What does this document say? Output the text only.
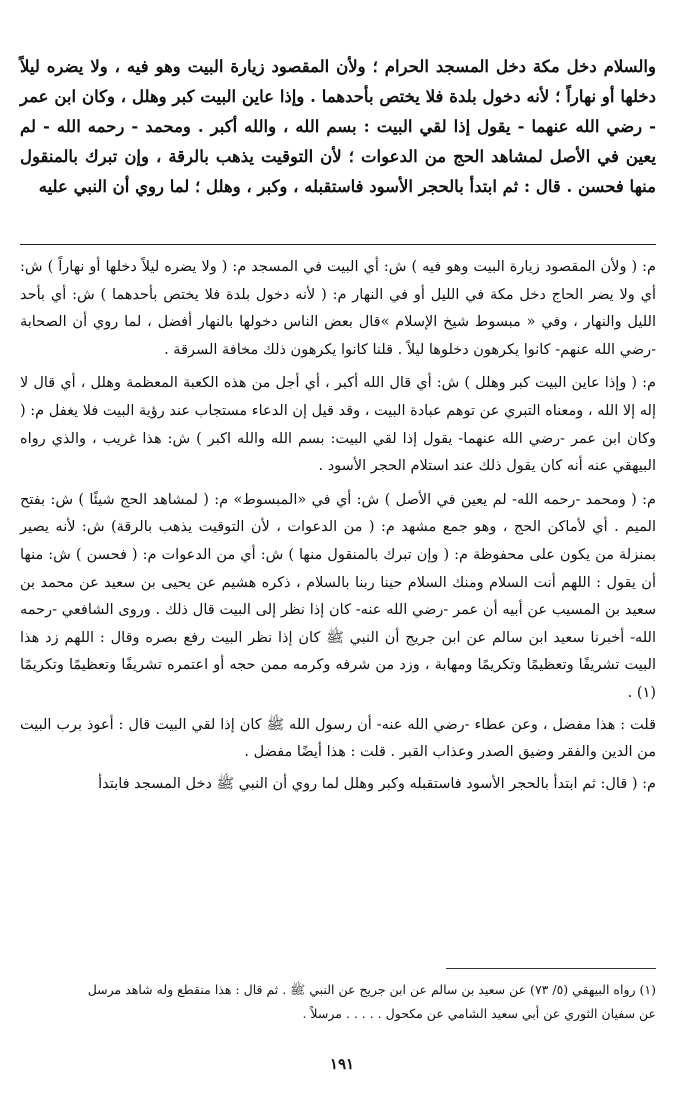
والسلام دخل مكة دخل المسجد الحرام ؛ ولأن المقصود زيارة البيت وهو فيه ، ولا يضره ليلاً دخلها أو نهاراً ؛ لأنه دخول بلدة فلا يختص بأحدهما . وإذا عاين البيت كبر وهلل ، وكان ابن عمر - رضي الله عنهما - يقول إذا لقي البيت : بسم الله ، والله أكبر . ومحمد - رحمه الله - لم يعين في الأصل لمشاهد الحج من الدعوات ؛ لأن التوقيت يذهب بالرقة ، وإن تبرك بالمنقول منها فحسن . قال : ثم ابتدأ بالحجر الأسود فاستقبله ، وكبر ، وهلل ؛ لما روي أن النبي عليه

م: ( ولأن المقصود زيارة البيت وهو فيه ) ش: أي البيت في المسجد م: ( ولا يضره ليلاً دخلها أو نهاراً ) ش: أي ولا يضر الحاج دخل مكة في الليل أو في النهار م: ( لأنه دخول بلدة فلا يختص بأحدهما ) ش: أي بأحد الليل والنهار ، وفي « مبسوط شيخ الإسلام »قال بعض الناس دخولها بالنهار أفضل ، لما روي أن الصحابة -رضي الله عنهم- كانوا يكرهون دخلوها ليلاً . قلنا كانوا يكرهون ذلك مخافة السرقة .

م: ( وإذا عاين البيت كبر وهلل ) ش: أي قال الله أكبر ، أي أجل من هذه الكعبة المعظمة وهلل ، أي قال لا إله إلا الله ، ومعناه التبري عن توهم عبادة البيت ، وقد قيل إن الدعاء مستجاب عند رؤية البيت فلا يغفل م: ( وكان ابن عمر -رضي الله عنهما- يقول إذا لقي البيت: بسم الله والله اكبر ) ش: هذا غريب ، والذي رواه البيهقي عنه أنه كان يقول ذلك عند استلام الحجر الأسود .

م: ( ومحمد -رحمه الله- لم يعين في الأصل ) ش: أي في «المبسوط» م: ( لمشاهد الحج شيئًا ) ش: بفتح الميم . أي لأماكن الحج ، وهو جمع مشهد م: ( من الدعوات ، لأن التوقيت يذهب بالرقة) ش: لأنه يصير بمنزلة من يكون على محفوظة م: ( وإن تبرك بالمنقول منها ) ش: أي من الدعوات م: ( فحسن ) ش: منها أن يقول : اللهم أنت السلام ومنك السلام حينا ربنا بالسلام ، ذكره هشيم عن يحيى بن سعيد عن محمد بن سعيد بن المسيب عن أبيه أن عمر -رضي الله عنه- كان إذا نظر إلى البيت قال ذلك . وروى الشافعي -رحمه الله- أخبرنا سعيد ابن سالم عن ابن جريج أن النبي ﷺ كان إذا نظر البيت رفع بصره وقال : اللهم زد هذا البيت تشريفًا وتعظيمًا وتكريمًا ومهابة ، وزد من شرفه وكرمه ممن حجه أو اعتمره تشريفًا وتعظيمًا وتكريمًا (١) .

قلت : هذا مفضل ، وعن عطاء -رضي الله عنه- أن رسول الله ﷺ كان إذا لقي البيت قال : أعوذ برب البيت من الدين والفقر وضيق الصدر وعذاب القبر . قلت : هذا أيضًا مفضل .

م: ( قال: ثم ابتدأ بالحجر الأسود فاستقبله وكبر وهلل لما روي أن النبي ﷺ دخل المسجد فابتدأ

(١) رواه البيهقي (٥/ ٧٣) عن سعيد بن سالم عن ابن جريج عن النبي ﷺ . ثم قال : هذا منقطع وله شاهد مرسل

عن سفيان الثوري عن أبي سعيد الشامي عن مكحول . . . . . مرسلاً .

١٩١
